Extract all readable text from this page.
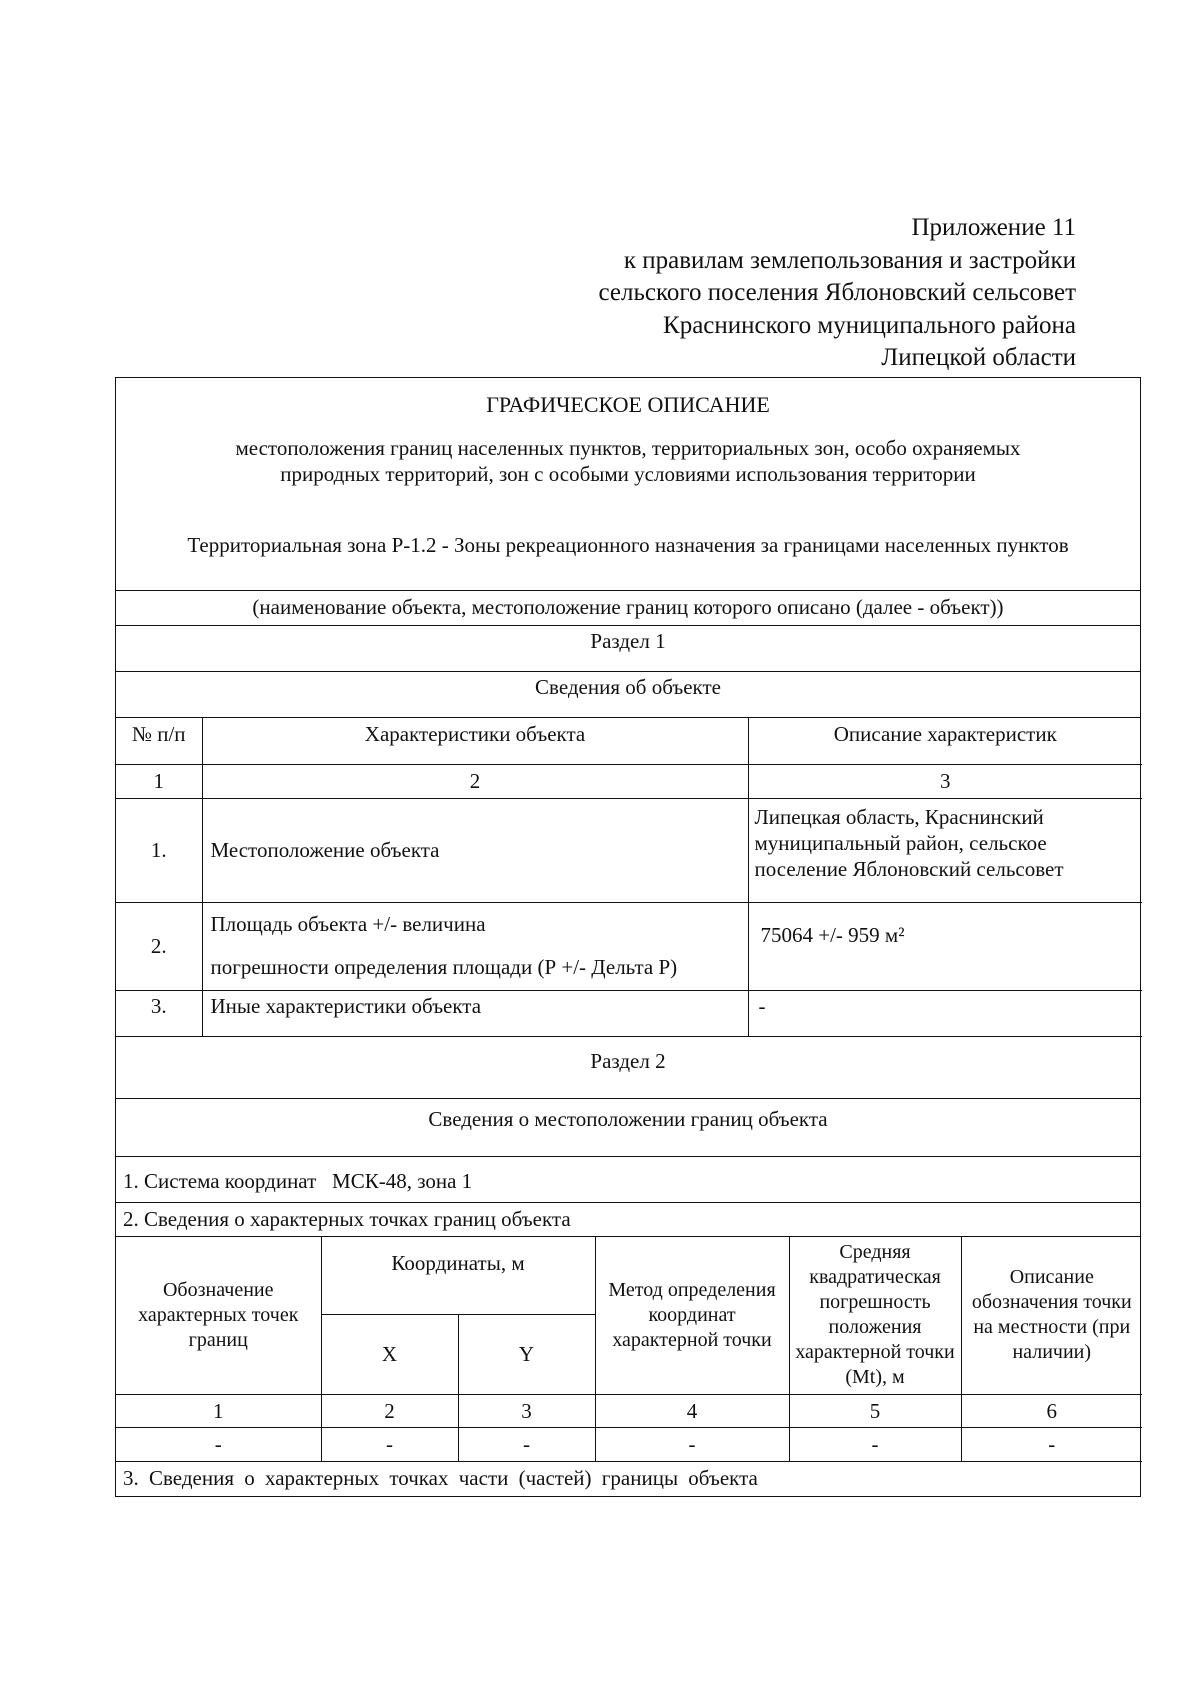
Приложение 11
к правилам землепользования и застройки
сельского поселения Яблоновский сельсовет
Краснинского муниципального района
Липецкой области
ГРАФИЧЕСКОЕ ОПИСАНИЕ
местоположения границ населенных пунктов, территориальных зон, особо охраняемых
природных территорий, зон с особыми условиями использования территории
Территориальная зона Р-1.2 - Зоны рекреационного назначения за границами населенных пунктов
(наименование объекта, местоположение границ которого описано (далее - объект))
Раздел 1
Сведения об объекте
№ п/п	Характеристики объекта	Описание характеристик
1	2	3
1.	Местоположение объекта	Липецкая область, Краснинский
муниципальный район, сельское
поселение Яблоновский сельсовет

2.	Площадь объекта +/- величина
погрешности определения площади (Р +/- Дельта Р)	75064 +/- 959 м²
3.	Иные характеристики объекта	-
Раздел 2
Сведения о местоположении границ объекта
1. Система координат МСК-48, зона 1
2. Сведения о характерных точках границ объекта
Обозначение характерных точек границ	Координаты, м		Метод определения координат характерной точки	Средняя квадратическая погрешность положения характерной точки (Mt), м	Описание обозначения точки на местности (при наличии)
	X	Y			
1	2	3	4	5	6
-	-	-	-	-	-
3. Сведения о характерных точках части (частей) границы объекта
